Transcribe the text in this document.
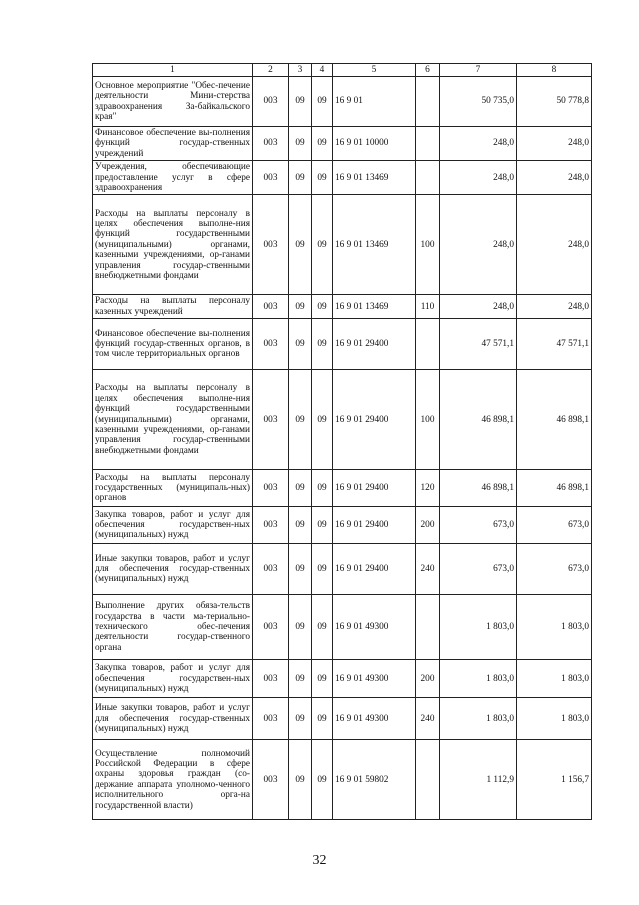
1	2	3	4	5	6	7	8
Основное мероприятие "Обес-печение деятельности Мини-стерства здравоохранения За-байкальского края"	003	09	09	16 9 01		50 735,0	50 778,8
Финансовое обеспечение вы-полнения функций государ-ственных учреждений	003	09	09	16 9 01 10000		248,0	248,0
Учреждения, обеспечивающие предоставление услуг в сфере здравоохранения	003	09	09	16 9 01 13469		248,0	248,0
Расходы на выплаты персоналу в целях обеспечения выполне-ния функций государственными (муниципальными) органами, казенными учреждениями, ор-ганами управления государ-ственными внебюджетными фондами	003	09	09	16 9 01 13469	100	248,0	248,0
Расходы на выплаты персоналу казенных учреждений	003	09	09	16 9 01 13469	110	248,0	248,0
Финансовое обеспечение вы-полнения функций государ-ственных органов, в том числе территориальных органов	003	09	09	16 9 01 29400		47 571,1	47 571,1
Расходы на выплаты персоналу в целях обеспечения выполне-ния функций государственными (муниципальными) органами, казенными учреждениями, ор-ганами управления государ-ственными внебюджетными фондами	003	09	09	16 9 01 29400	100	46 898,1	46 898,1
Расходы на выплаты персоналу государственных (муниципаль-ных) органов	003	09	09	16 9 01 29400	120	46 898,1	46 898,1
Закупка товаров, работ и услуг для обеспечения государствен-ных (муниципальных) нужд	003	09	09	16 9 01 29400	200	673,0	673,0
Иные закупки товаров, работ и услуг для обеспечения государ-ственных (муниципальных) нужд	003	09	09	16 9 01 29400	240	673,0	673,0
Выполнение других обяза-тельств государства в части ма-териально-технического обес-печения деятельности государ-ственного органа	003	09	09	16 9 01 49300		1 803,0	1 803,0
Закупка товаров, работ и услуг для обеспечения государствен-ных (муниципальных) нужд	003	09	09	16 9 01 49300	200	1 803,0	1 803,0
Иные закупки товаров, работ и услуг для обеспечения государ-ственных (муниципальных) нужд	003	09	09	16 9 01 49300	240	1 803,0	1 803,0
Осуществление полномочий Российской Федерации в сфере охраны здоровья граждан (со-держание аппарата уполномо-ченного исполнительного орга-на государственной власти)	003	09	09	16 9 01 59802		1 112,9	1 156,7
32
